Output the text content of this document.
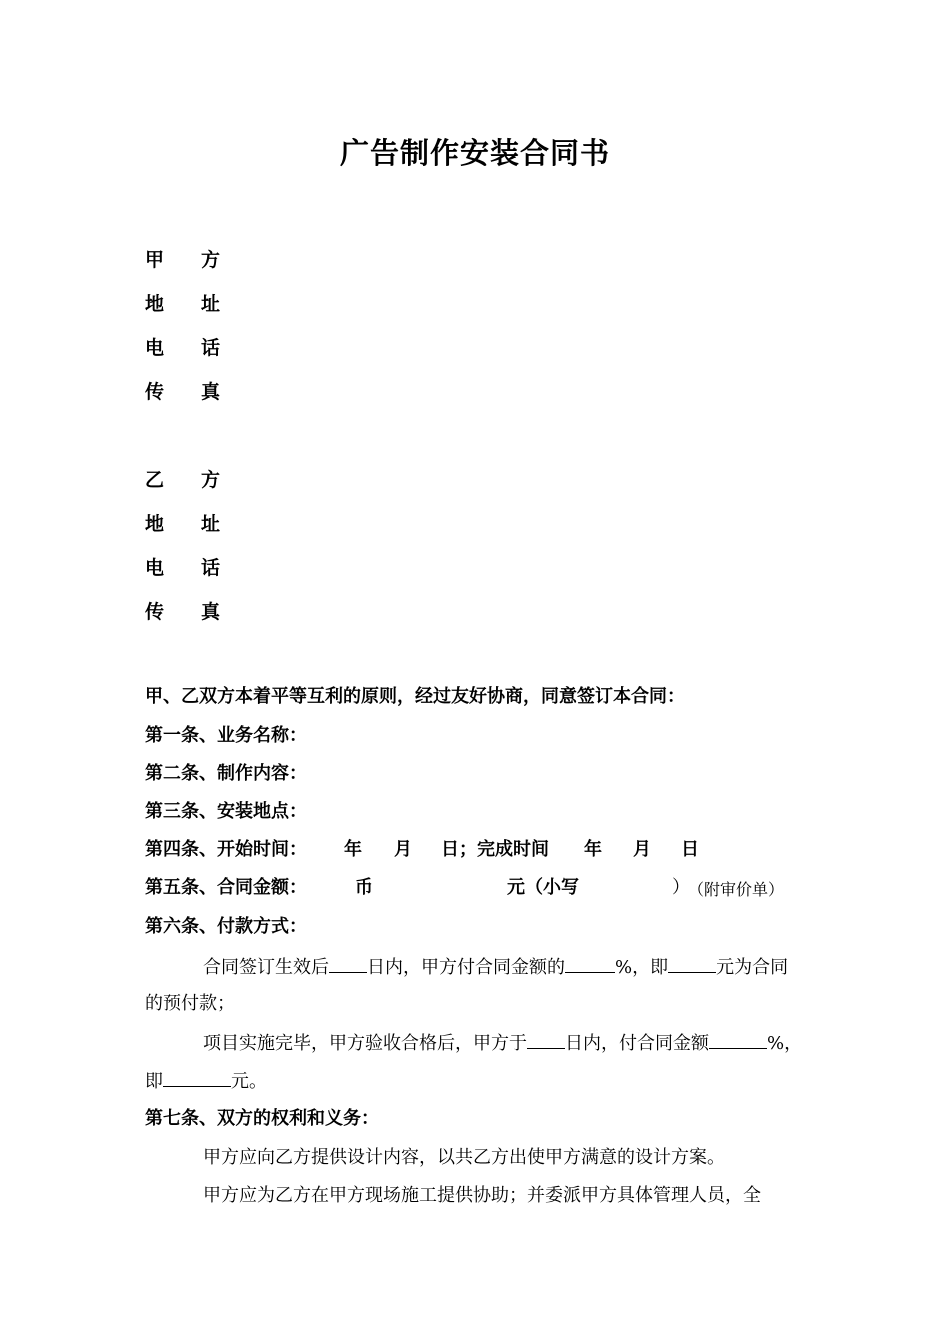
广告制作安装合同书
甲 方
地 址
电 话
传 真
乙 方
地 址
电 话
传 真
甲、乙双方本着平等互利的原则，经过友好协商，同意签订本合同：
第一条、业务名称：
第二条、制作内容：
第三条、安装地点：
第四条、开始时间： 年 月 日；完成时间 年 月 日
第五条、合同金额：	币	元（小写	）
（附审价单）
第六条、付款方式：
合同签订生效后 日内，甲方付合同金额的	%，即	元为合同
的预付款；
项目实施完毕，甲方验收合格后，甲方于 日内，付合同金额	%，
即	元。
第七条、双方的权利和义务：
甲方应向乙方提供设计内容，以共乙方出使甲方满意的设计方案。
甲方应为乙方在甲方现场施工提供协助；并委派甲方具体管理人员，全
